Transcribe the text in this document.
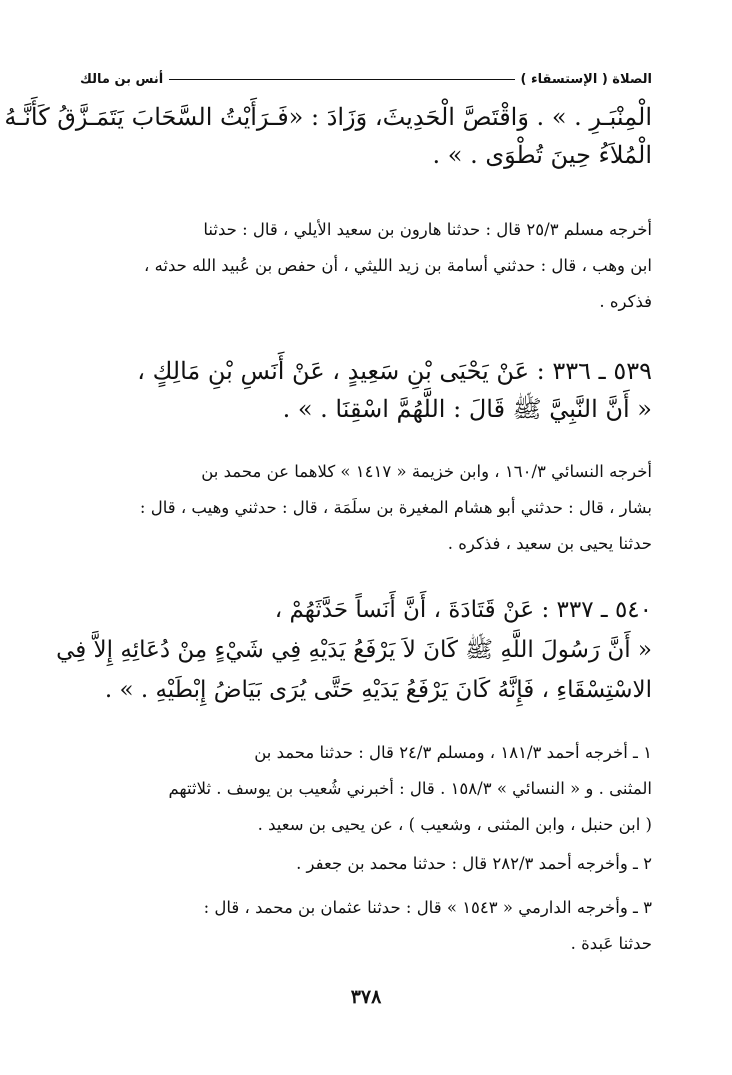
الصلاة ( الإستسقاء )
أنس بن مالك
الْمِنْبَـرِ . » . وَاقْتَصَّ الْحَدِيثَ، وَزَادَ : «فَـرَأَيْتُ السَّحَابَ يَتَمَـزَّقُ كَأَنَّـهُ
الْمُلاَءُ حِينَ تُطْوَى . » .
أخرجه مسلم ٢٥/٣ قال : حدثنا هارون بن سعيد الأيلي ، قال : حدثنا
ابن وهب ، قال : حدثني أسامة بن زيد الليثي ، أن حفص بن عُبيد الله حدثه ،
فذكره .
٥٣٩ ـ ٣٣٦ : عَنْ يَحْيَى بْنِ سَعِيدٍ ، عَنْ أَنَسِ بْنِ مَالِكٍ ،
« أَنَّ النَّبِيَّ ﷺ قَالَ : اللَّهُمَّ اسْقِنَا . » .
أخرجه النسائي ١٦٠/٣ ، وابن خزيمة « ١٤١٧ » كلاهما عن محمد بن
بشار ، قال : حدثني أبو هشام المغيرة بن سلَمَة ، قال : حدثني وهيب ، قال :
حدثنا يحيى بن سعيد ، فذكره .
٥٤٠ ـ ٣٣٧ : عَنْ قَتَادَةَ ، أَنَّ أَنَساً حَدَّثَهُمْ ،
« أَنَّ رَسُولَ اللَّهِ ﷺ كَانَ لاَ يَرْفَعُ يَدَيْهِ فِي شَيْءٍ مِنْ دُعَائِهِ إِلاَّ فِي
الاسْتِسْقَاءِ ، فَإِنَّهُ كَانَ يَرْفَعُ يَدَيْهِ حَتَّى يُرَى بَيَاضُ إِبْطَيْهِ . » .
١ ـ أخرجه أحمد ١٨١/٣ ، ومسلم ٢٤/٣ قال : حدثنا محمد بن
المثنى . و « النسائي » ١٥٨/٣ . قال : أخبرني شُعيب بن يوسف . ثلاثتهم
( ابن حنبل ، وابن المثنى ، وشعيب ) ، عن يحيى بن سعيد .
٢ ـ وأخرجه أحمد ٢٨٢/٣ قال : حدثنا محمد بن جعفر .
٣ ـ وأخرجه الدارمي « ١٥٤٣ » قال : حدثنا عثمان بن محمد ، قال :
حدثنا عَبدة .
٣٧٨
